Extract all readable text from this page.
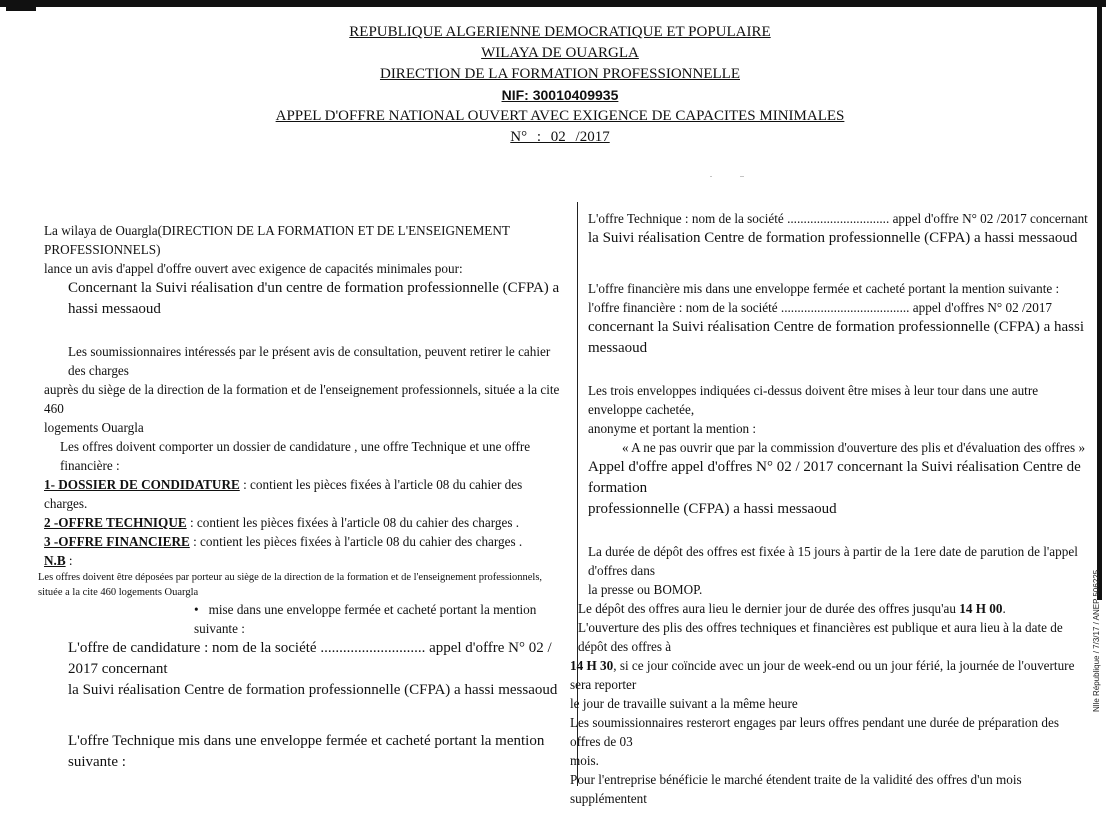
REPUBLIQUE ALGERIENNE DEMOCRATIQUE ET POPULAIRE
WILAYA DE OUARGLA
DIRECTION DE LA FORMATION PROFESSIONNELLE
NIF: 30010409935
APPEL D'OFFRE NATIONAL OUVERT AVEC EXIGENCE DE CAPACITES MINIMALES
N° : 02 /2017
.              ..

La wilaya de Ouargla(DIRECTION DE LA FORMATION ET DE L'ENSEIGNEMENT PROFESSIONNELS)

lance un avis d'appel d'offre ouvert avec exigence de capacités minimales pour:

Concernant la Suivi réalisation d'un centre de formation professionnelle (CFPA) a hassi messaoud

Les soumissionnaires intéressés par le présent avis de consultation, peuvent retirer le cahier des charges

auprès du siège de la direction de la formation et de l'enseignement professionnels, située a la cite 460

logements Ouargla

Les offres doivent comporter un dossier de candidature , une offre Technique et une offre financière :

1- DOSSIER DE CONDIDATURE : contient les pièces fixées à l'article 08 du cahier des charges.

2 -OFFRE TECHNIQUE : contient les pièces fixées à l'article 08 du cahier des charges .

3 -OFFRE FINANCIERE : contient les pièces fixées à l'article 08 du cahier des charges .

N.B :

Les offres doivent être déposées par porteur au siège de la direction de la formation et de l'enseignement professionnels, située a la cite 460 logements Ouargla

• mise dans une enveloppe fermée et cacheté portant la mention suivante :

L'offre de candidature : nom de la société ............................ appel d'offre N° 02 / 2017 concernant

la Suivi réalisation Centre de formation professionnelle (CFPA) a hassi messaoud

L'offre Technique mis dans une enveloppe fermée et cacheté portant la mention suivante :

L'offre Technique : nom de la société ............................... appel d'offre N° 02 /2017 concernant

la Suivi réalisation Centre de formation professionnelle (CFPA) a hassi messaoud

L'offre financière mis dans une enveloppe fermée et cacheté portant la mention suivante :

l'offre financière : nom de la société ....................................... appel d'offres N° 02 /2017

concernant la Suivi réalisation Centre de formation professionnelle (CFPA) a hassi messaoud

Les trois enveloppes indiquées ci-dessus doivent être mises à leur tour dans une autre enveloppe cachetée,

anonyme et portant la mention :

« A ne pas ouvrir que par la commission d'ouverture des plis et d'évaluation des offres »

Appel d'offre appel d'offres N° 02 / 2017 concernant la Suivi réalisation Centre de formation

professionnelle (CFPA) a hassi messaoud

La durée de dépôt des offres est fixée à 15 jours à partir de la 1ere date de parution de l'appel d'offres dans

la presse ou BOMOP.

Le dépôt des offres aura lieu le dernier jour de durée des offres jusqu'au 14 H 00.

L'ouverture des plis des offres techniques et financières est publique et aura lieu à la date de dépôt des offres à

14 H 30, si ce jour coïncide avec un jour de week-end ou un jour férié, la journée de l'ouverture sera reporter

le jour de travaille suivant a la même heure

Les soumissionnaires resterort engages par leurs offres pendant une durée de préparation des offres de 03

mois.

Pour l'entreprise bénéficie le marché étendent traite de la validité des offres d'un mois supplémentent

Nlle République / 7/3/17 / ANEP 506225
